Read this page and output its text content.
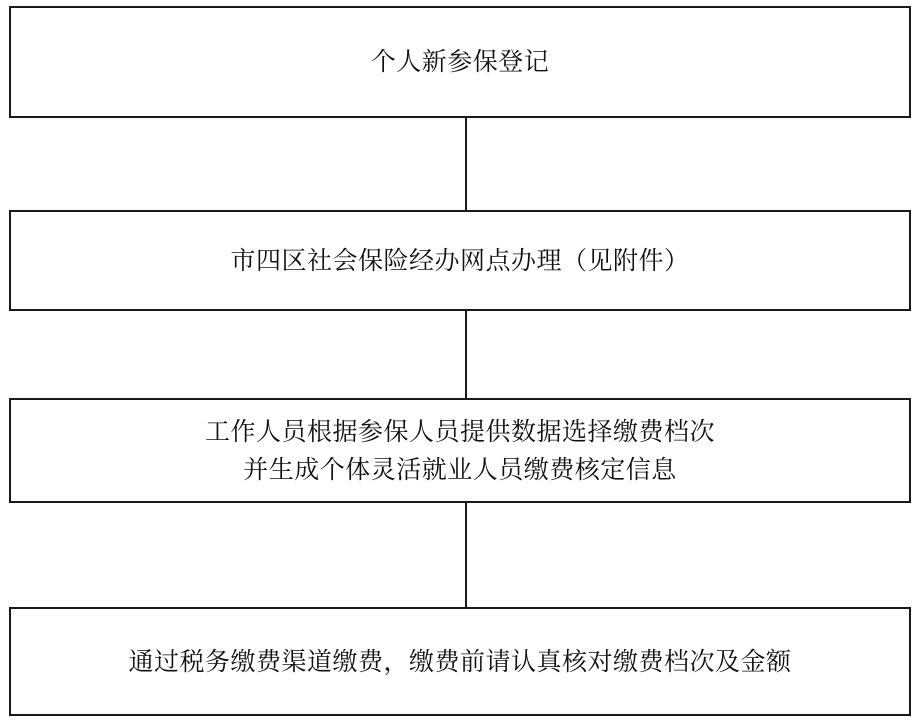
个人新参保登记
市四区社会保险经办网点办理（见附件）
工作人员根据参保人员提供数据选择缴费档次
并生成个体灵活就业人员缴费核定信息
通过税务缴费渠道缴费，缴费前请认真核对缴费档次及金额
